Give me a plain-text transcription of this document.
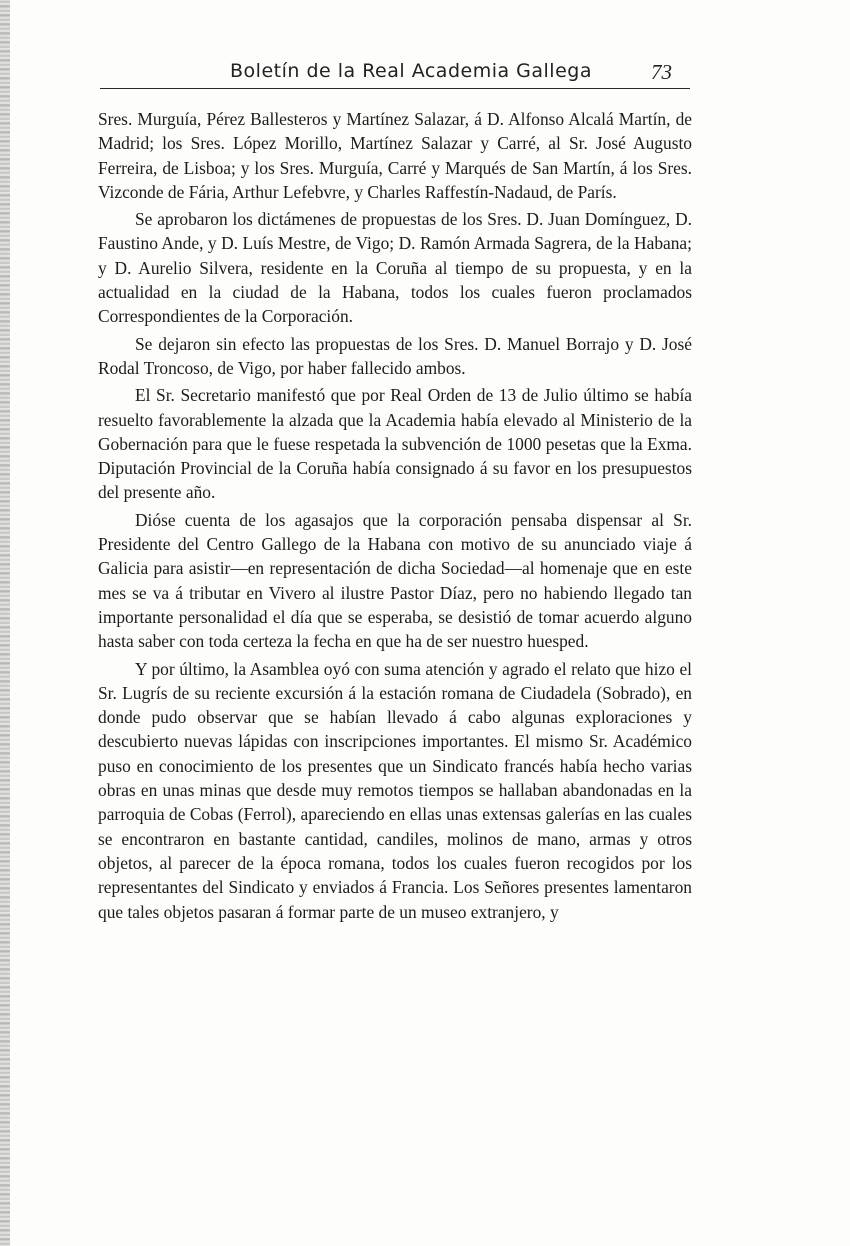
Boletín de la Real Academia Gallega	73

Sres. Murguía, Pérez Ballesteros y Martínez Salazar, á D. Alfonso Alcalá Martín, de Madrid; los Sres. López Morillo, Martínez Salazar y Carré, al Sr. José Augusto Ferreira, de Lisboa; y los Sres. Murguía, Carré y Marqués de San Martín, á los Sres. Vizconde de Fária, Arthur Lefebvre, y Charles Raffestín-Nadaud, de París.

Se aprobaron los dictámenes de propuestas de los Sres. D. Juan Domínguez, D. Faustino Ande, y D. Luís Mestre, de Vigo; D. Ramón Armada Sagrera, de la Habana; y D. Aurelio Silvera, residente en la Coruña al tiempo de su propuesta, y en la actualidad en la ciudad de la Habana, todos los cuales fueron proclamados Correspondientes de la Corporación.

Se dejaron sin efecto las propuestas de los Sres. D. Manuel Borrajo y D. José Rodal Troncoso, de Vigo, por haber fallecido ambos.

El Sr. Secretario manifestó que por Real Orden de 13 de Julio último se había resuelto favorablemente la alzada que la Academia había elevado al Ministerio de la Gobernación para que le fuese respetada la subvención de 1000 pesetas que la Exma. Diputación Provincial de la Coruña había consignado á su favor en los presupuestos del presente año.

Dióse cuenta de los agasajos que la corporación pensaba dispensar al Sr. Presidente del Centro Gallego de la Habana con motivo de su anunciado viaje á Galicia para asistir—en representación de dicha Sociedad—al homenaje que en este mes se va á tributar en Vivero al ilustre Pastor Díaz, pero no habiendo llegado tan importante personalidad el día que se esperaba, se desistió de tomar acuerdo alguno hasta saber con toda certeza la fecha en que ha de ser nuestro huesped.

Y por último, la Asamblea oyó con suma atención y agrado el relato que hizo el Sr. Lugrís de su reciente excursión á la estación romana de Ciudadela (Sobrado), en donde pudo observar que se habían llevado á cabo algunas exploraciones y descubierto nuevas lápidas con inscripciones importantes. El mismo Sr. Académico puso en conocimiento de los presentes que un Sindicato francés había hecho varias obras en unas minas que desde muy remotos tiempos se hallaban abandonadas en la parroquia de Cobas (Ferrol), apareciendo en ellas unas extensas galerías en las cuales se encontraron en bastante cantidad, candiles, molinos de mano, armas y otros objetos, al parecer de la época romana, todos los cuales fueron recogidos por los representantes del Sindicato y enviados á Francia. Los Señores presentes lamentaron que tales objetos pasaran á formar parte de un museo extranjero, y
